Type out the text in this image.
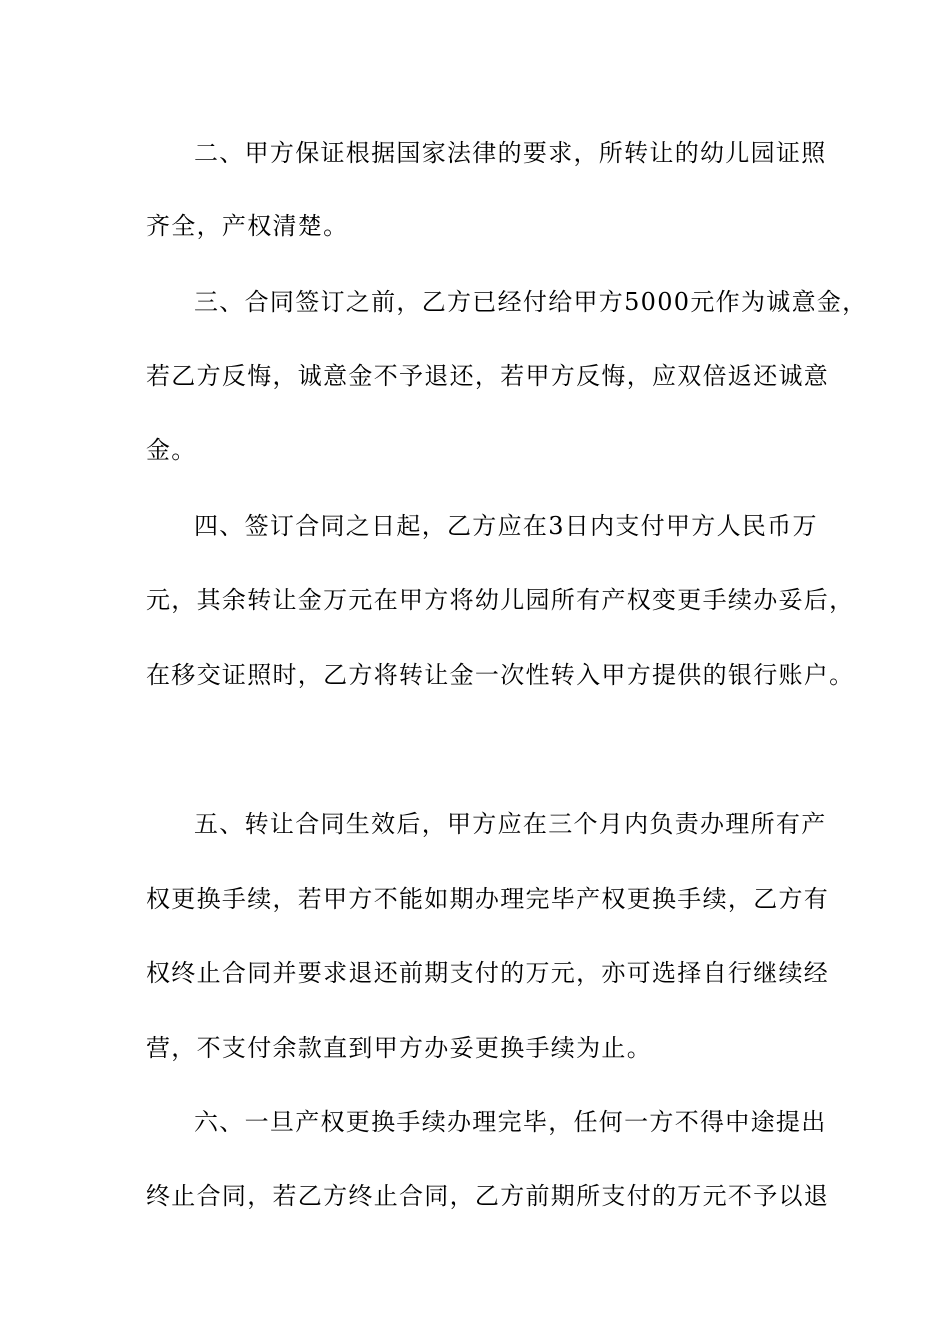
二、甲方保证根据国家法律的要求，所转让的幼儿园证照
齐全，产权清楚。
三、合同签订之前，乙方已经付给甲方5000元作为诚意金，
若乙方反悔，诚意金不予退还，若甲方反悔，应双倍返还诚意
金。
四、签订合同之日起，乙方应在3日内支付甲方人民币万
元，其余转让金万元在甲方将幼儿园所有产权变更手续办妥后，
在移交证照时，乙方将转让金一次性转入甲方提供的银行账户。
五、转让合同生效后，甲方应在三个月内负责办理所有产
权更换手续，若甲方不能如期办理完毕产权更换手续，乙方有
权终止合同并要求退还前期支付的万元，亦可选择自行继续经
营，不支付余款直到甲方办妥更换手续为止。
六、一旦产权更换手续办理完毕，任何一方不得中途提出
终止合同，若乙方终止合同，乙方前期所支付的万元不予以退
